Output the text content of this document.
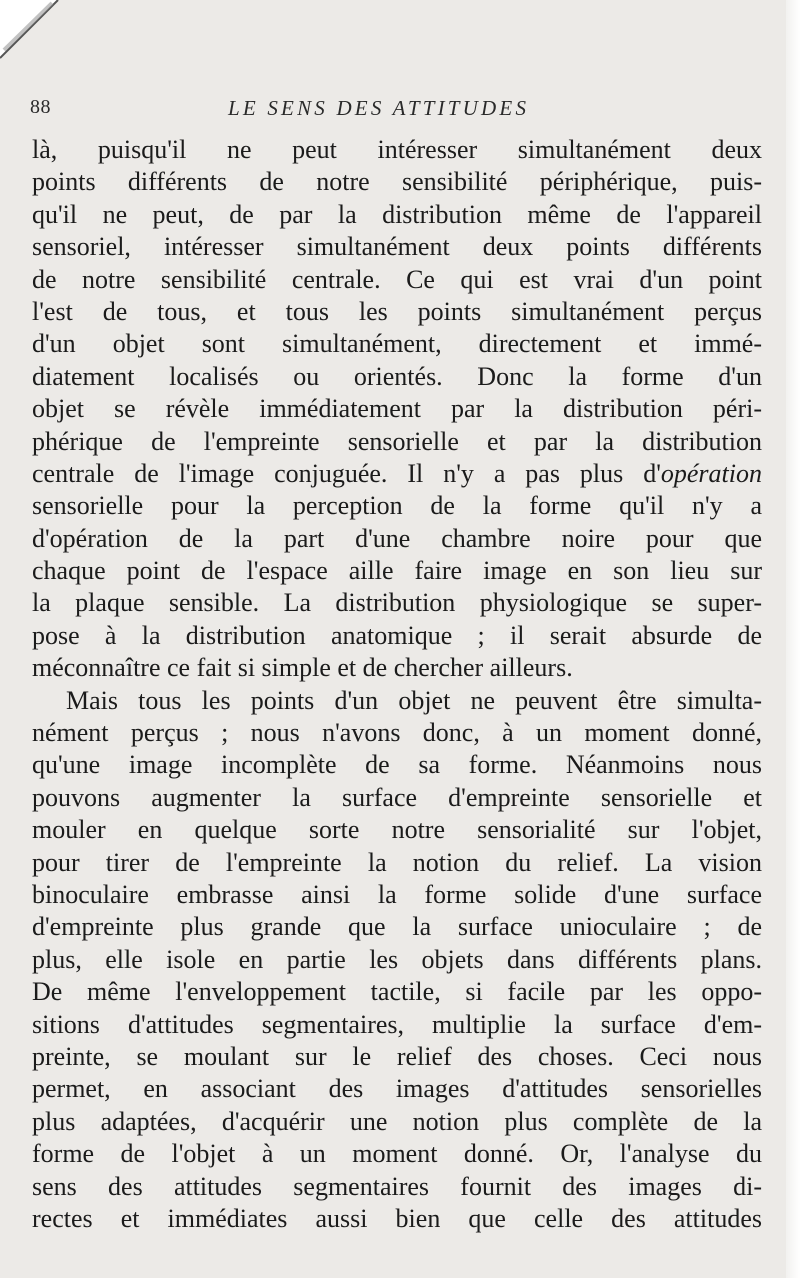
88	LE SENS DES ATTITUDES
là, puisqu'il ne peut intéresser simultanément deux
points différents de notre sensibilité périphérique, puis-
qu'il ne peut, de par la distribution même de l'appareil
sensoriel, intéresser simultanément deux points différents
de notre sensibilité centrale. Ce qui est vrai d'un point
l'est de tous, et tous les points simultanément perçus
d'un objet sont simultanément, directement et immé-
diatement localisés ou orientés. Donc la forme d'un
objet se révèle immédiatement par la distribution péri-
phérique de l'empreinte sensorielle et par la distribution
centrale de l'image conjuguée. Il n'y a pas plus d'opération
sensorielle pour la perception de la forme qu'il n'y a
d'opération de la part d'une chambre noire pour que
chaque point de l'espace aille faire image en son lieu sur
la plaque sensible. La distribution physiologique se super-
pose à la distribution anatomique ; il serait absurde de
méconnaître ce fait si simple et de chercher ailleurs.
Mais tous les points d'un objet ne peuvent être simulta-
nément perçus ; nous n'avons donc, à un moment donné,
qu'une image incomplète de sa forme. Néanmoins nous
pouvons augmenter la surface d'empreinte sensorielle et
mouler en quelque sorte notre sensorialité sur l'objet,
pour tirer de l'empreinte la notion du relief. La vision
binoculaire embrasse ainsi la forme solide d'une surface
d'empreinte plus grande que la surface unioculaire ; de
plus, elle isole en partie les objets dans différents plans.
De même l'enveloppement tactile, si facile par les oppo-
sitions d'attitudes segmentaires, multiplie la surface d'em-
preinte, se moulant sur le relief des choses. Ceci nous
permet, en associant des images d'attitudes sensorielles
plus adaptées, d'acquérir une notion plus complète de la
forme de l'objet à un moment donné. Or, l'analyse du
sens des attitudes segmentaires fournit des images di-
rectes et immédiates aussi bien que celle des attitudes
